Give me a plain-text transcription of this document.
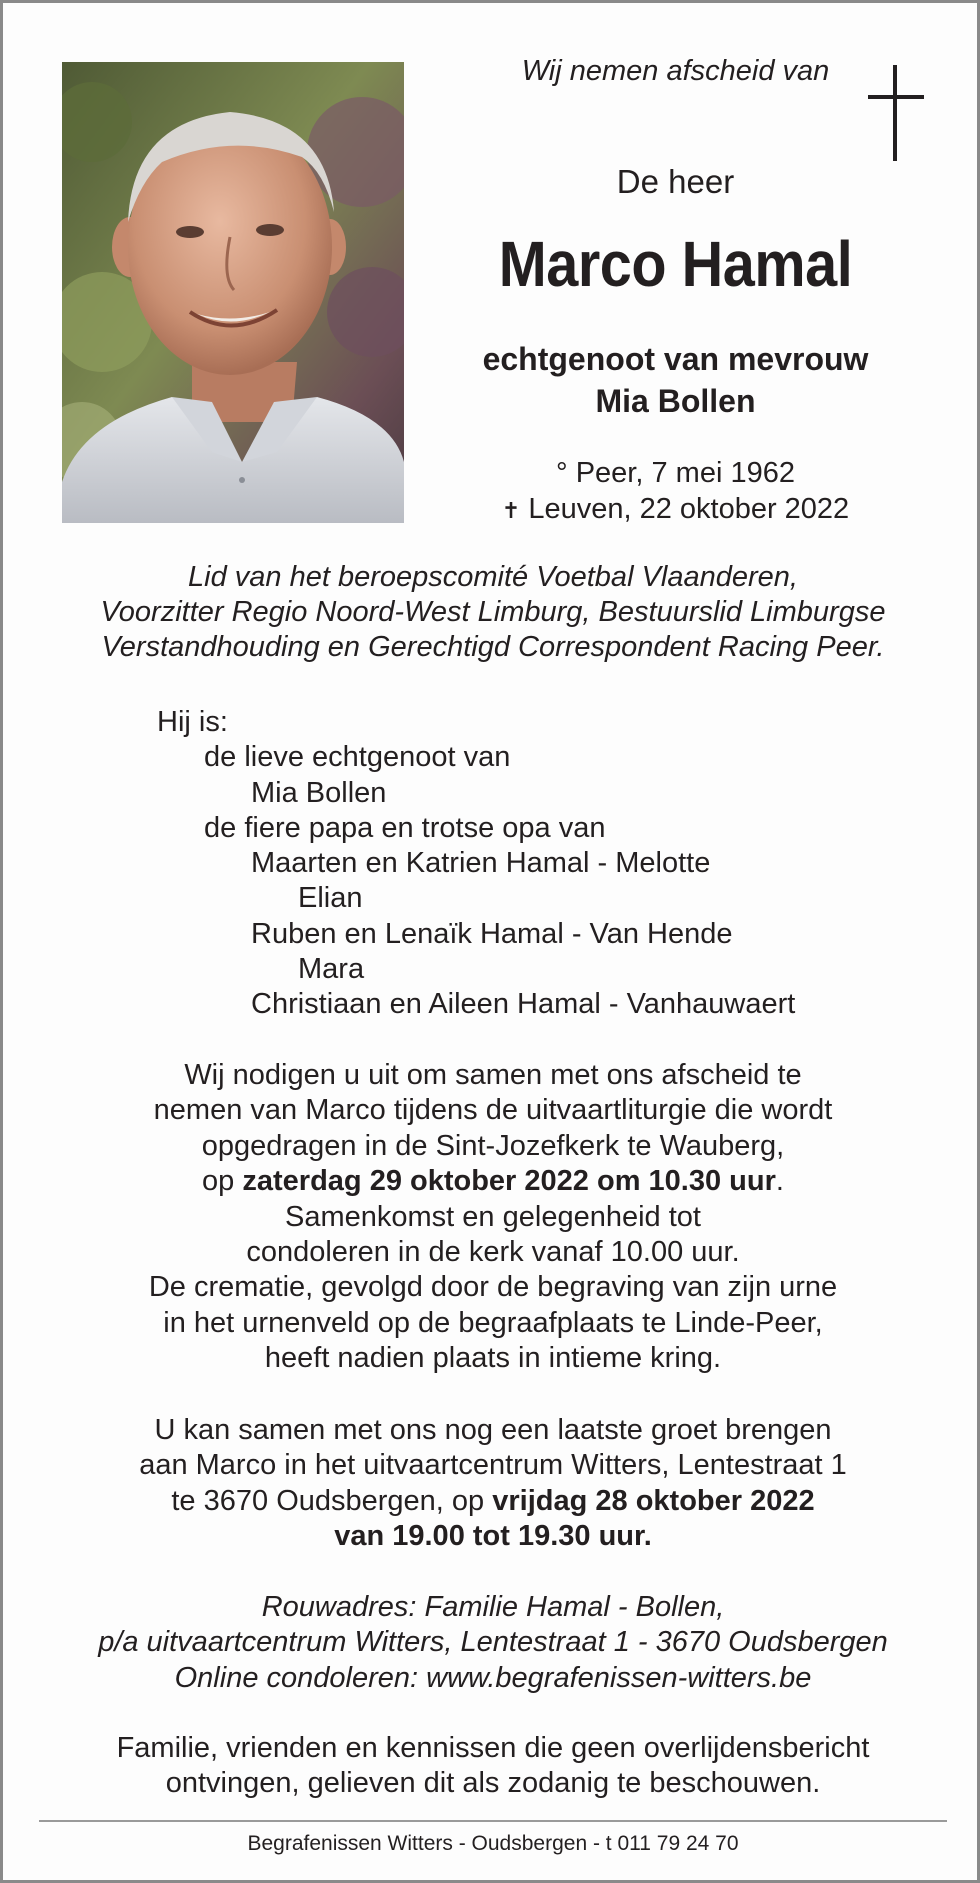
Wij nemen afscheid van
De heer
Marco Hamal
echtgenoot van mevrouw
Mia Bollen
° Peer, 7 mei 1962
✝ Leuven, 22 oktober 2022
Lid van het beroepscomité Voetbal Vlaanderen,
Voorzitter Regio Noord-West Limburg, Bestuurslid Limburgse
Verstandhouding en Gerechtigd Correspondent Racing Peer.
Hij is:
de lieve echtgenoot van
Mia Bollen
de fiere papa en trotse opa van
Maarten en Katrien Hamal - Melotte
Elian
Ruben en Lenaïk Hamal - Van Hende
Mara
Christiaan en Aileen Hamal - Vanhauwaert
Wij nodigen u uit om samen met ons afscheid te
nemen van Marco tijdens de uitvaartliturgie die wordt
opgedragen in de Sint-Jozefkerk te Wauberg,
op zaterdag 29 oktober 2022 om 10.30 uur.
Samenkomst en gelegenheid tot
condoleren in de kerk vanaf 10.00 uur.
De crematie, gevolgd door de begraving van zijn urne
in het urnenveld op de begraafplaats te Linde-Peer,
heeft nadien plaats in intieme kring.
U kan samen met ons nog een laatste groet brengen
aan Marco in het uitvaartcentrum Witters, Lentestraat 1
te 3670 Oudsbergen, op vrijdag 28 oktober 2022
van 19.00 tot 19.30 uur.
Rouwadres: Familie Hamal - Bollen,
p/a uitvaartcentrum Witters, Lentestraat 1 - 3670 Oudsbergen
Online condoleren: www.begrafenissen-witters.be
Familie, vrienden en kennissen die geen overlijdensbericht
ontvingen, gelieven dit als zodanig te beschouwen.
Begrafenissen Witters - Oudsbergen - t 011 79 24 70
